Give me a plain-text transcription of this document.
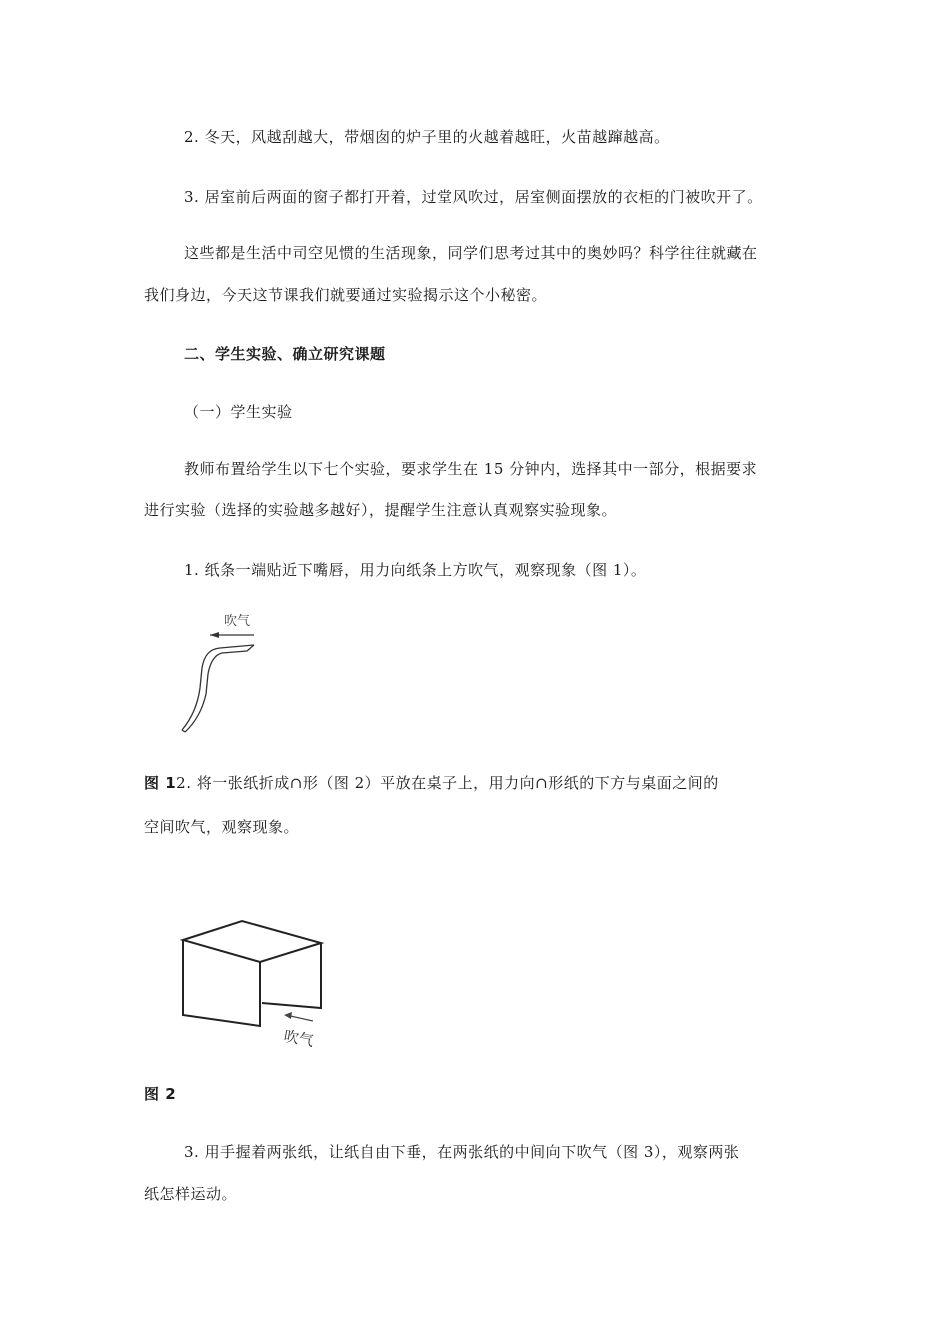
2. 冬天，风越刮越大，带烟囱的炉子里的火越着越旺，火苗越蹿越高。
3. 居室前后两面的窗子都打开着，过堂风吹过，居室侧面摆放的衣柜的门被吹开了。
这些都是生活中司空见惯的生活现象，同学们思考过其中的奥妙吗？科学往往就藏在
我们身边，今天这节课我们就要通过实验揭示这个小秘密。
二、学生实验、确立研究课题
（一）学生实验
教师布置给学生以下七个实验，要求学生在 15 分钟内，选择其中一部分，根据要求
进行实验（选择的实验越多越好），提醒学生注意认真观察实验现象。
1. 纸条一端贴近下嘴唇，用力向纸条上方吹气，观察现象（图 1）。
吹气
图 12. 将一张纸折成∩形（图 2）平放在桌子上，用力向∩形纸的下方与桌面之间的
空间吹气，观察现象。
吹气
图 2
3. 用手握着两张纸，让纸自由下垂，在两张纸的中间向下吹气（图 3），观察两张
纸怎样运动。
